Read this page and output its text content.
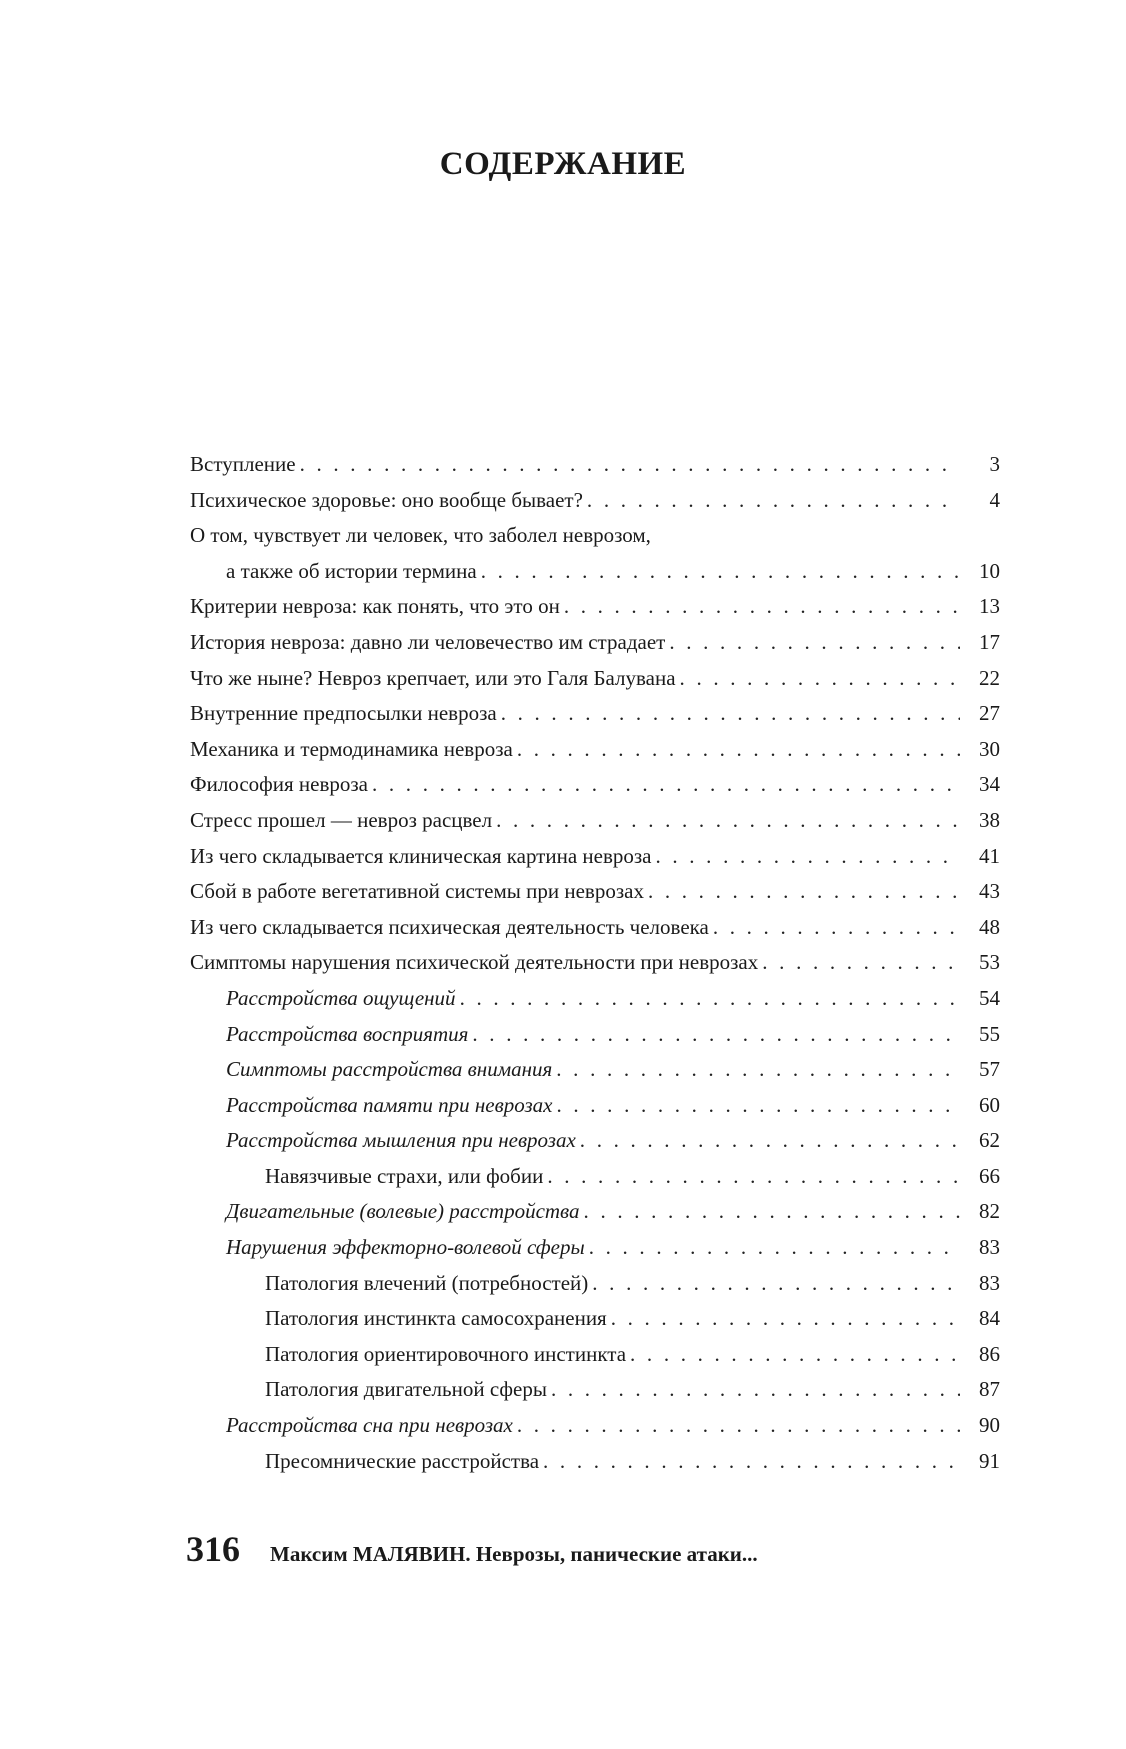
СОДЕРЖАНИЕ
Вступление . . .	3
Психическое здоровье: оно вообще бывает? . . .	4
О том, чувствует ли человек, что заболел неврозом,
а также об истории термина . . .	10
Критерии невроза: как понять, что это он . . .	13
История невроза: давно ли человечество им страдает . . .	17
Что же ныне? Невроз крепчает, или это Галя Балувана . . .	22
Внутренние предпосылки невроза . . .	27
Механика и термодинамика невроза . . .	30
Философия невроза . . .	34
Стресс прошел — невроз расцвел . . .	38
Из чего складывается клиническая картина невроза . . .	41
Сбой в работе вегетативной системы при неврозах . . .	43
Из чего складывается психическая деятельность человека . . .	48
Симптомы нарушения психической деятельности при неврозах . . .	53
Расстройства ощущений . . .	54
Расстройства восприятия . . .	55
Симптомы расстройства внимания . . .	57
Расстройства памяти при неврозах . . .	60
Расстройства мышления при неврозах . . .	62
Навязчивые страхи, или фобии . . .	66
Двигательные (волевые) расстройства . . .	82
Нарушения эффекторно-волевой сферы . . .	83
Патология влечений (потребностей) . . .	83
Патология инстинкта самосохранения . . .	84
Патология ориентировочного инстинкта . . .	86
Патология двигательной сферы . . .	87
Расстройства сна при неврозах . . .	90
Пресомнические расстройства . . .	91
316 Максим МАЛЯВИН. Неврозы, панические атаки...
